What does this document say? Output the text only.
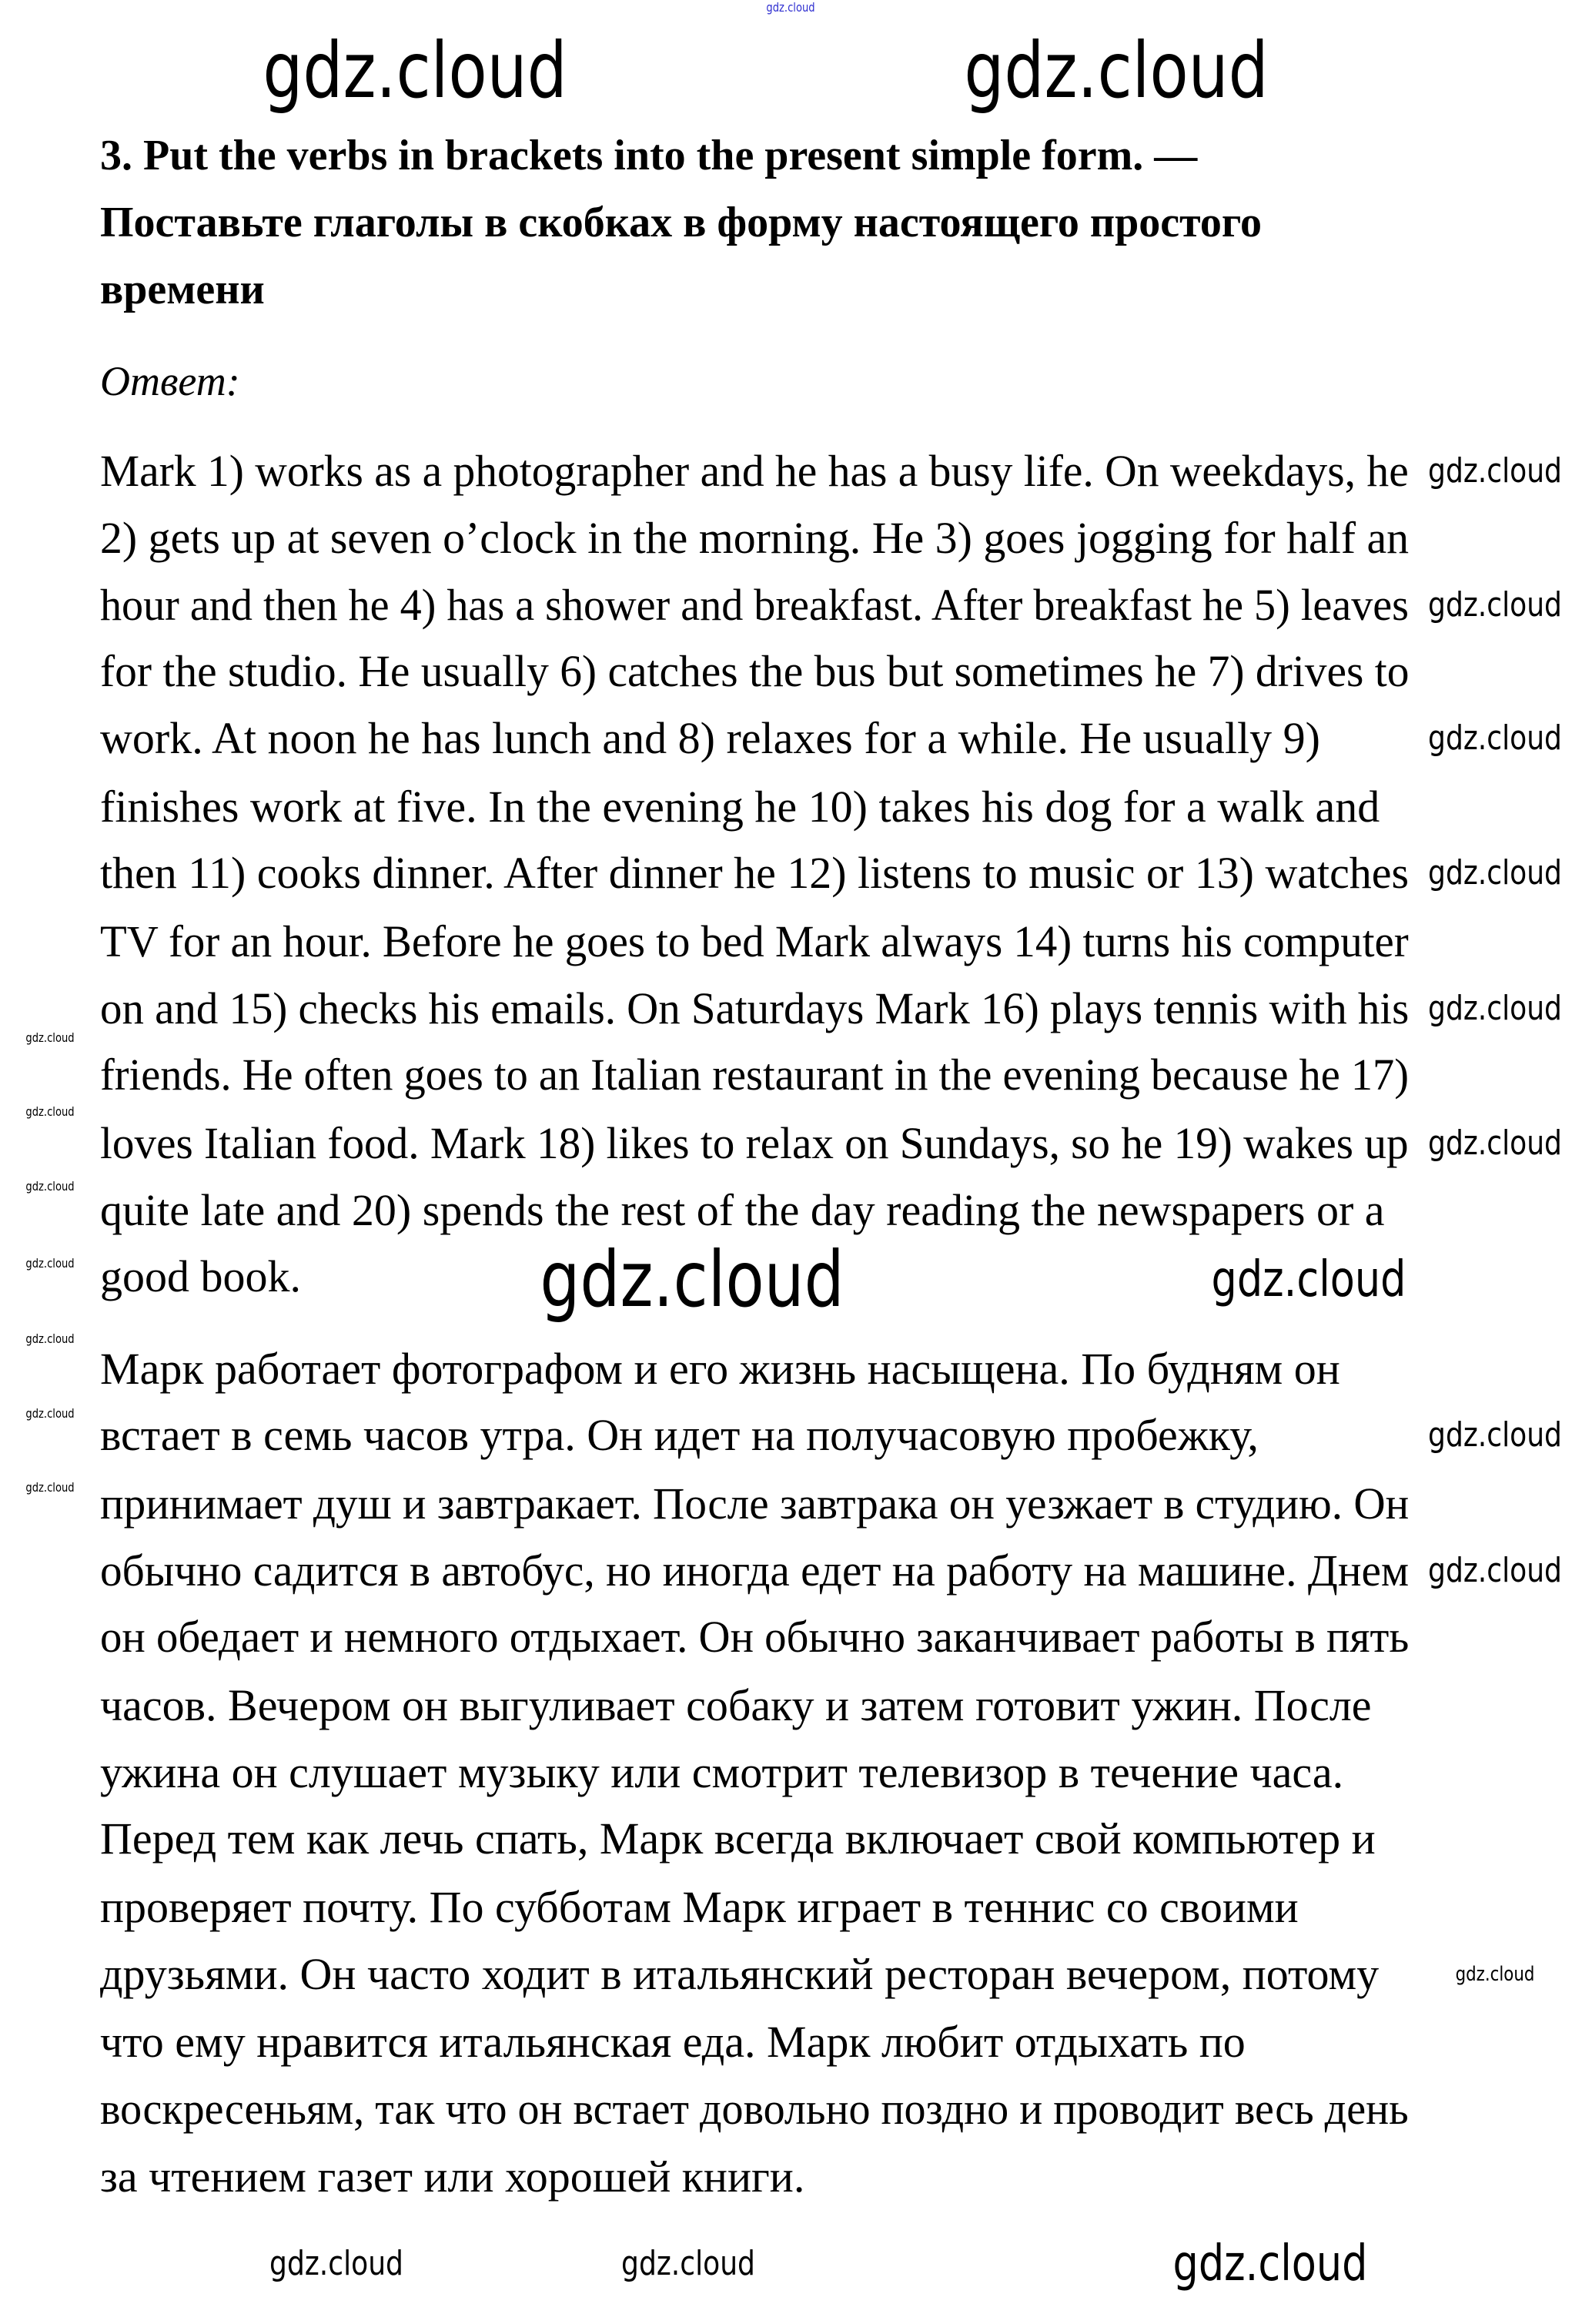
gdz.cloud
3. Put the verbs in brackets into the present simple form. —
Поставьте глаголы в скобках в форму настоящего простого
времени
Ответ:
Mark 1) works as a photographer and he has a busy life. On weekdays, he
2) gets up at seven o’clock in the morning. He 3) goes jogging for half an
hour and then he 4) has a shower and breakfast. After breakfast he 5) leaves
for the studio. He usually 6) catches the bus but sometimes he 7) drives to
work. At noon he has lunch and 8) relaxes for a while. He usually 9)
finishes work at five. In the evening he 10) takes his dog for a walk and
then 11) cooks dinner. After dinner he 12) listens to music or 13) watches
TV for an hour. Before he goes to bed Mark always 14) turns his computer
on and 15) checks his emails. On Saturdays Mark 16) plays tennis with his
friends. He often goes to an Italian restaurant in the evening because he 17)
loves Italian food. Mark 18) likes to relax on Sundays, so he 19) wakes up
quite late and 20) spends the rest of the day reading the newspapers or a
good book.
Марк работает фотографом и его жизнь насыщена. По будням он
встает в семь часов утра. Он идет на получасовую пробежку,
принимает душ и завтракает. После завтрака он уезжает в студию. Он
обычно садится в автобус, но иногда едет на работу на машине. Днем
он обедает и немного отдыхает. Он обычно заканчивает работы в пять
часов. Вечером он выгуливает собаку и затем готовит ужин. После
ужина он слушает музыку или смотрит телевизор в течение часа.
Перед тем как лечь спать, Марк всегда включает свой компьютер и
проверяет почту. По субботам Марк играет в теннис со своими
друзьями. Он часто ходит в итальянский ресторан вечером, потому
что ему нравится итальянская еда. Марк любит отдыхать по
воскресеньям, так что он встает довольно поздно и проводит весь день
за чтением газет или хорошей книги.
gdz.cloud	gdz.cloud
gdz.cloud
gdz.cloud
gdz.cloud
gdz.cloud
gdz.cloud
gdz.cloud
gdz.cloud
gdz.cloud
gdz.cloud
gdz.cloud
gdz.cloud
gdz.cloud
gdz.cloud
gdz.cloud
gdz.cloud
gdz.cloud	gdz.cloud
gdz.cloud
gdz.cloud	gdz.cloud	gdz.cloud
